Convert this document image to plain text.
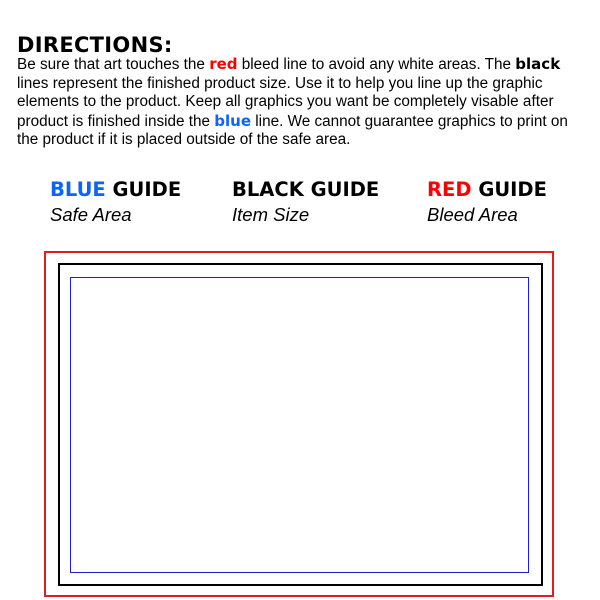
DIRECTIONS:

Be sure that art touches the red bleed line to avoid any white areas. The black lines represent the finished product size. Use it to help you line up the graphic elements to the product. Keep all graphics you want be completely visable after product is finished inside the blue line. We cannot guarantee graphics to print on the product if it is placed outside of the safe area.

BLUE GUIDE
Safe Area
BLACK GUIDE
Item Size
RED GUIDE
Bleed Area
